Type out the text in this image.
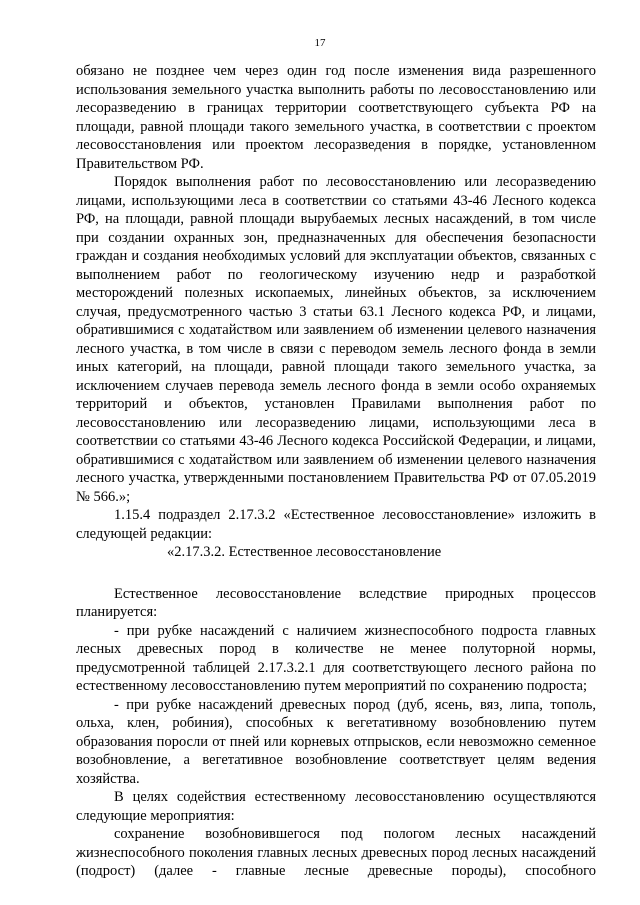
17

обязано не позднее чем через один год после изменения вида разрешенного использования земельного участка выполнить работы по лесовосстановлению или лесоразведению в границах территории соответствующего субъекта РФ на площади, равной площади такого земельного участка, в соответствии с проектом лесовосстановления или проектом лесоразведения в порядке, установленном Правительством РФ.

Порядок выполнения работ по лесовосстановлению или лесоразведению лицами, использующими леса в соответствии со статьями 43-46 Лесного кодекса РФ, на площади, равной площади вырубаемых лесных насаждений, в том числе при создании охранных зон, предназначенных для обеспечения безопасности граждан и создания необходимых условий для эксплуатации объектов, связанных с выполнением работ по геологическому изучению недр и разработкой месторождений полезных ископаемых, линейных объектов, за исключением случая, предусмотренного частью 3 статьи 63.1 Лесного кодекса РФ, и лицами, обратившимися с ходатайством или заявлением об изменении целевого назначения лесного участка, в том числе в связи с переводом земель лесного фонда в земли иных категорий, на площади, равной площади такого земельного участка, за исключением случаев перевода земель лесного фонда в земли особо охраняемых территорий и объектов, установлен Правилами выполнения работ по лесовосстановлению или лесоразведению лицами, использующими леса в соответствии со статьями 43-46 Лесного кодекса Российской Федерации, и лицами, обратившимися с ходатайством или заявлением об изменении целевого назначения лесного участка, утвержденными постановлением Правительства РФ от 07.05.2019 № 566.»;

1.15.4 подраздел 2.17.3.2 «Естественное лесовосстановление» изложить в следующей редакции:

«2.17.3.2. Естественное лесовосстановление

Естественное лесовосстановление вследствие природных процессов планируется:

- при рубке насаждений с наличием жизнеспособного подроста главных лесных древесных пород в количестве не менее полуторной нормы, предусмотренной таблицей 2.17.3.2.1 для соответствующего лесного района по естественному лесовосстановлению путем мероприятий по сохранению подроста;

- при рубке насаждений древесных пород (дуб, ясень, вяз, липа, тополь, ольха, клен, робиния), способных к вегетативному возобновлению путем образования поросли от пней или корневых отпрысков, если невозможно семенное возобновление, а вегетативное возобновление соответствует целям ведения хозяйства.

В целях содействия естественному лесовосстановлению осуществляются следующие мероприятия:

сохранение возобновившегося под пологом лесных насаждений жизнеспособного поколения главных лесных древесных пород лесных насаждений (подрост) (далее - главные лесные древесные породы), способного
